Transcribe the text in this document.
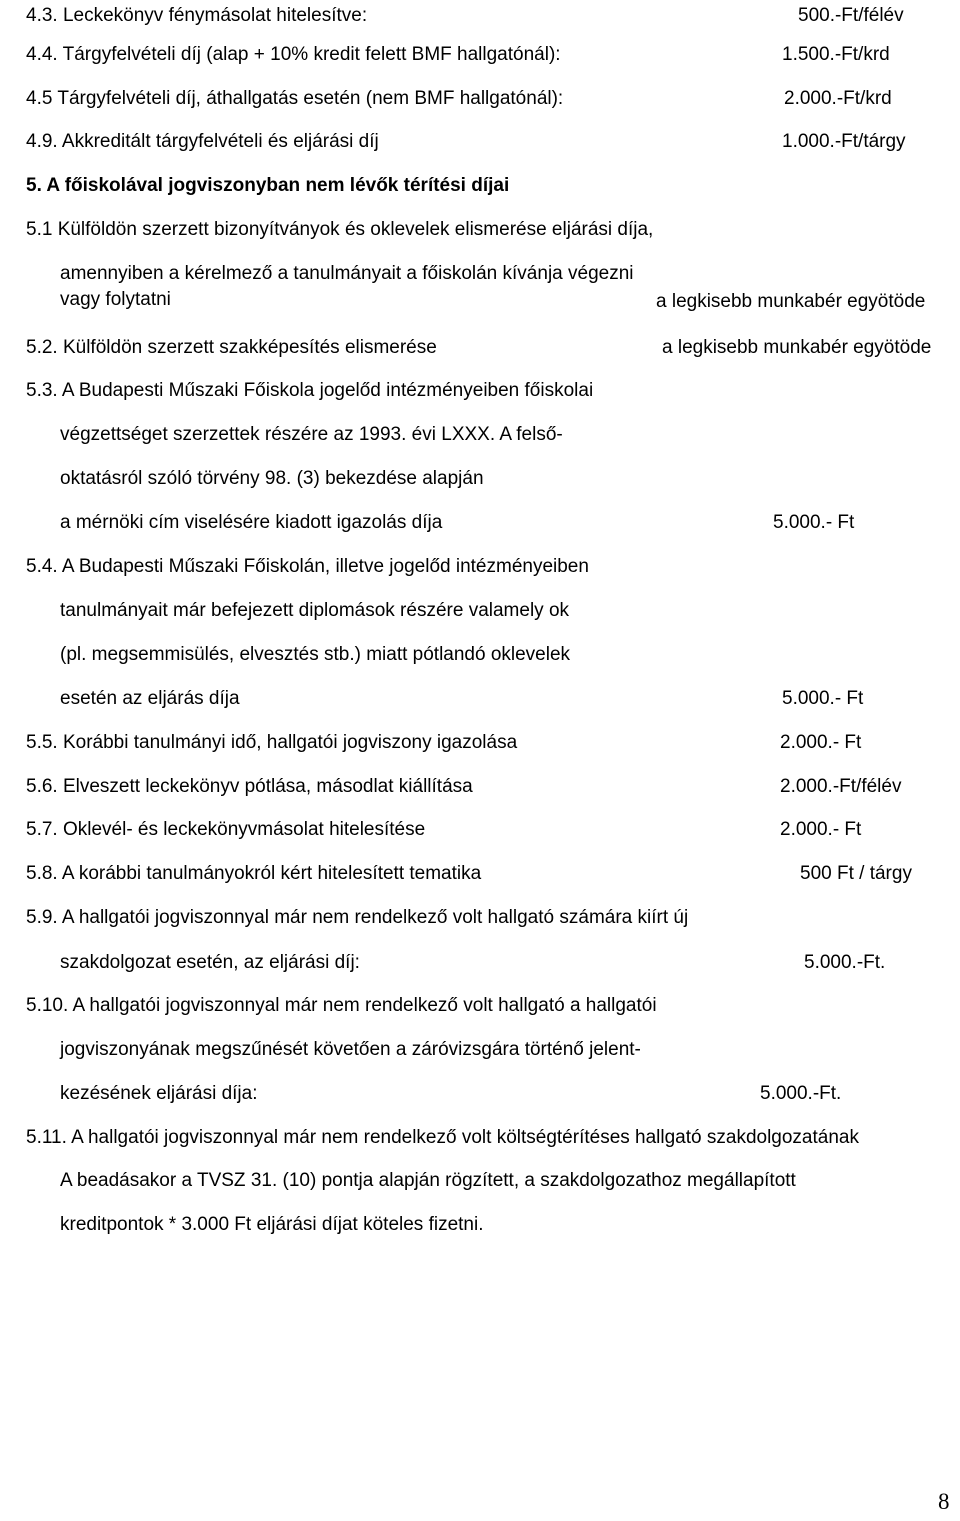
4.3. Leckekönyv fénymásolat hitelesítve:	500.-Ft/félév
4.4. Tárgyfelvételi díj (alap + 10% kredit felett BMF hallgatónál):	1.500.-Ft/krd
4.5 Tárgyfelvételi díj, áthallgatás esetén (nem BMF hallgatónál):	2.000.-Ft/krd
4.9. Akkreditált tárgyfelvételi és eljárási díj	1.000.-Ft/tárgy
5. A főiskolával jogviszonyban nem lévők térítési díjai
5.1 Külföldön szerzett bizonyítványok és oklevelek elismerése eljárási díja,
amennyiben a kérelmező a tanulmányait a főiskolán kívánja végezni
vagy folytatni	a legkisebb munkabér egyötöde
5.2. Külföldön szerzett szakképesítés elismerése	a legkisebb munkabér egyötöde
5.3. A Budapesti Műszaki Főiskola jogelőd intézményeiben főiskolai
végzettséget szerzettek részére az 1993. évi LXXX. A felső-
oktatásról szóló törvény 98. (3) bekezdése alapján
a mérnöki cím viselésére kiadott igazolás díja	5.000.- Ft
5.4. A Budapesti Műszaki Főiskolán, illetve jogelőd intézményeiben
tanulmányait már befejezett diplomások részére valamely ok
(pl. megsemmisülés, elvesztés stb.) miatt pótlandó oklevelek
esetén az eljárás díja	5.000.- Ft
5.5. Korábbi tanulmányi idő, hallgatói jogviszony igazolása	2.000.- Ft
5.6. Elveszett leckekönyv pótlása, másodlat kiállítása	2.000.-Ft/félév
5.7. Oklevél- és leckekönyvmásolat hitelesítése	2.000.- Ft
5.8. A korábbi tanulmányokról kért hitelesített tematika	500 Ft / tárgy
5.9. A hallgatói jogviszonnyal már nem rendelkező volt hallgató számára kiírt új
szakdolgozat esetén, az eljárási díj:	5.000.-Ft.
5.10. A hallgatói jogviszonnyal már nem rendelkező volt hallgató a hallgatói
jogviszonyának megszűnését követően a záróvizsgára történő jelent-
kezésének eljárási díja:	5.000.-Ft.
5.11. A hallgatói jogviszonnyal már nem rendelkező volt költségtérítéses hallgató szakdolgozatának
A beadásakor a TVSZ 31. (10) pontja alapján rögzített, a szakdolgozathoz megállapított
kreditpontok * 3.000 Ft eljárási díjat köteles fizetni.
8
